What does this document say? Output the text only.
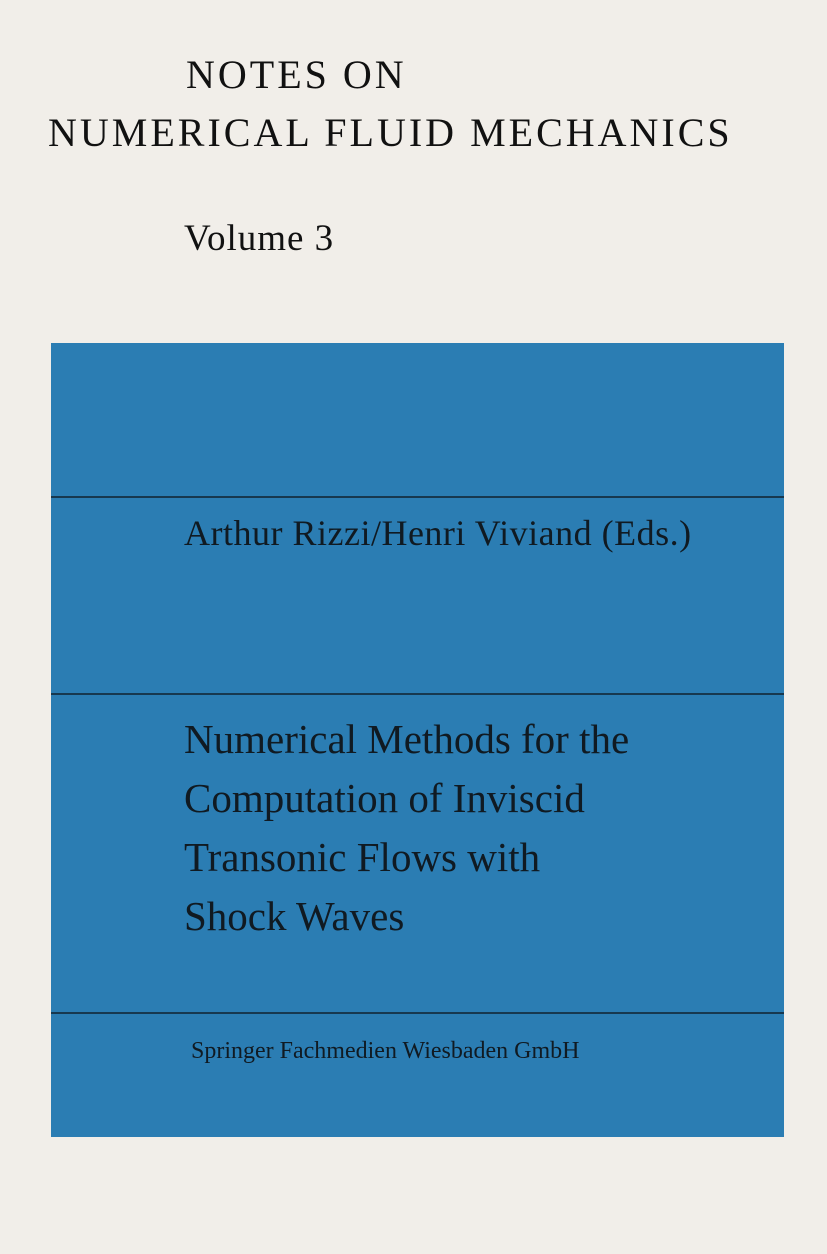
NOTES ON
NUMERICAL FLUID MECHANICS
Volume 3
Arthur Rizzi/Henri Viviand (Eds.)
Numerical Methods for the
Computation of Inviscid
Transonic Flows with
Shock Waves
Springer Fachmedien Wiesbaden GmbH
